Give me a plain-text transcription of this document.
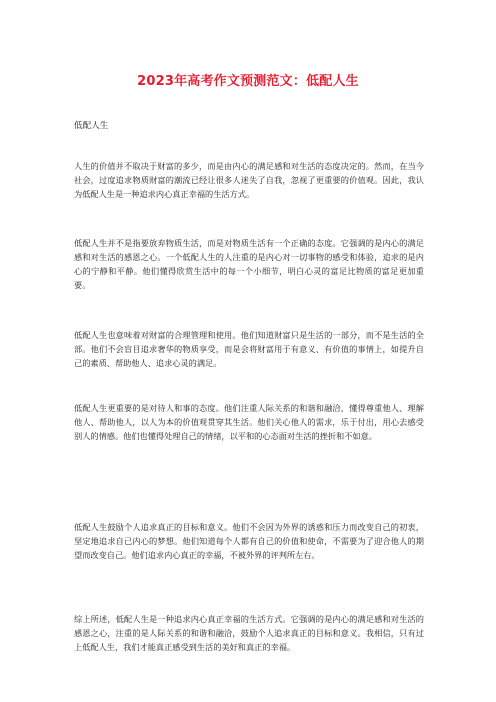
2023年高考作文预测范文：低配人生
低配人生
人生的价值并不取决于财富的多少，而是由内心的满足感和对生活的态度决定的。然而，在当今社会，过度追求物质财富的潮流已经让很多人迷失了自我，忽视了更重要的价值观。因此，我认为低配人生是一种追求内心真正幸福的生活方式。
低配人生并不是指要放弃物质生活，而是对物质生活有一个正确的态度。它强调的是内心的满足感和对生活的感恩之心。一个低配人生的人注重的是内心对一切事物的感受和体验，追求的是内心的宁静和平静。他们懂得欣赏生活中的每一个小细节，明白心灵的富足比物质的富足更加重要。
低配人生也意味着对财富的合理管理和使用。他们知道财富只是生活的一部分，而不是生活的全部。他们不会盲目追求奢华的物质享受，而是会将财富用于有意义、有价值的事情上，如提升自己的素质、帮助他人、追求心灵的满足。
低配人生更重要的是对待人和事的态度。他们注重人际关系的和谐和融洽，懂得尊重他人、理解他人、帮助他人，以人为本的价值观贯穿其生活。他们关心他人的需求，乐于付出，用心去感受别人的情感。他们也懂得处理自己的情绪，以平和的心态面对生活的挫折和不如意。
低配人生鼓励个人追求真正的目标和意义。他们不会因为外界的诱惑和压力而改变自己的初衷，坚定地追求自己内心的梦想。他们知道每个人都有自己的价值和使命，不需要为了迎合他人的期望而改变自己。他们追求内心真正的幸福，不被外界的评判所左右。
综上所述，低配人生是一种追求内心真正幸福的生活方式。它强调的是内心的满足感和对生活的感恩之心，注重的是人际关系的和谐和融洽，鼓励个人追求真正的目标和意义。我相信，只有过上低配人生，我们才能真正感受到生活的美好和真正的幸福。
